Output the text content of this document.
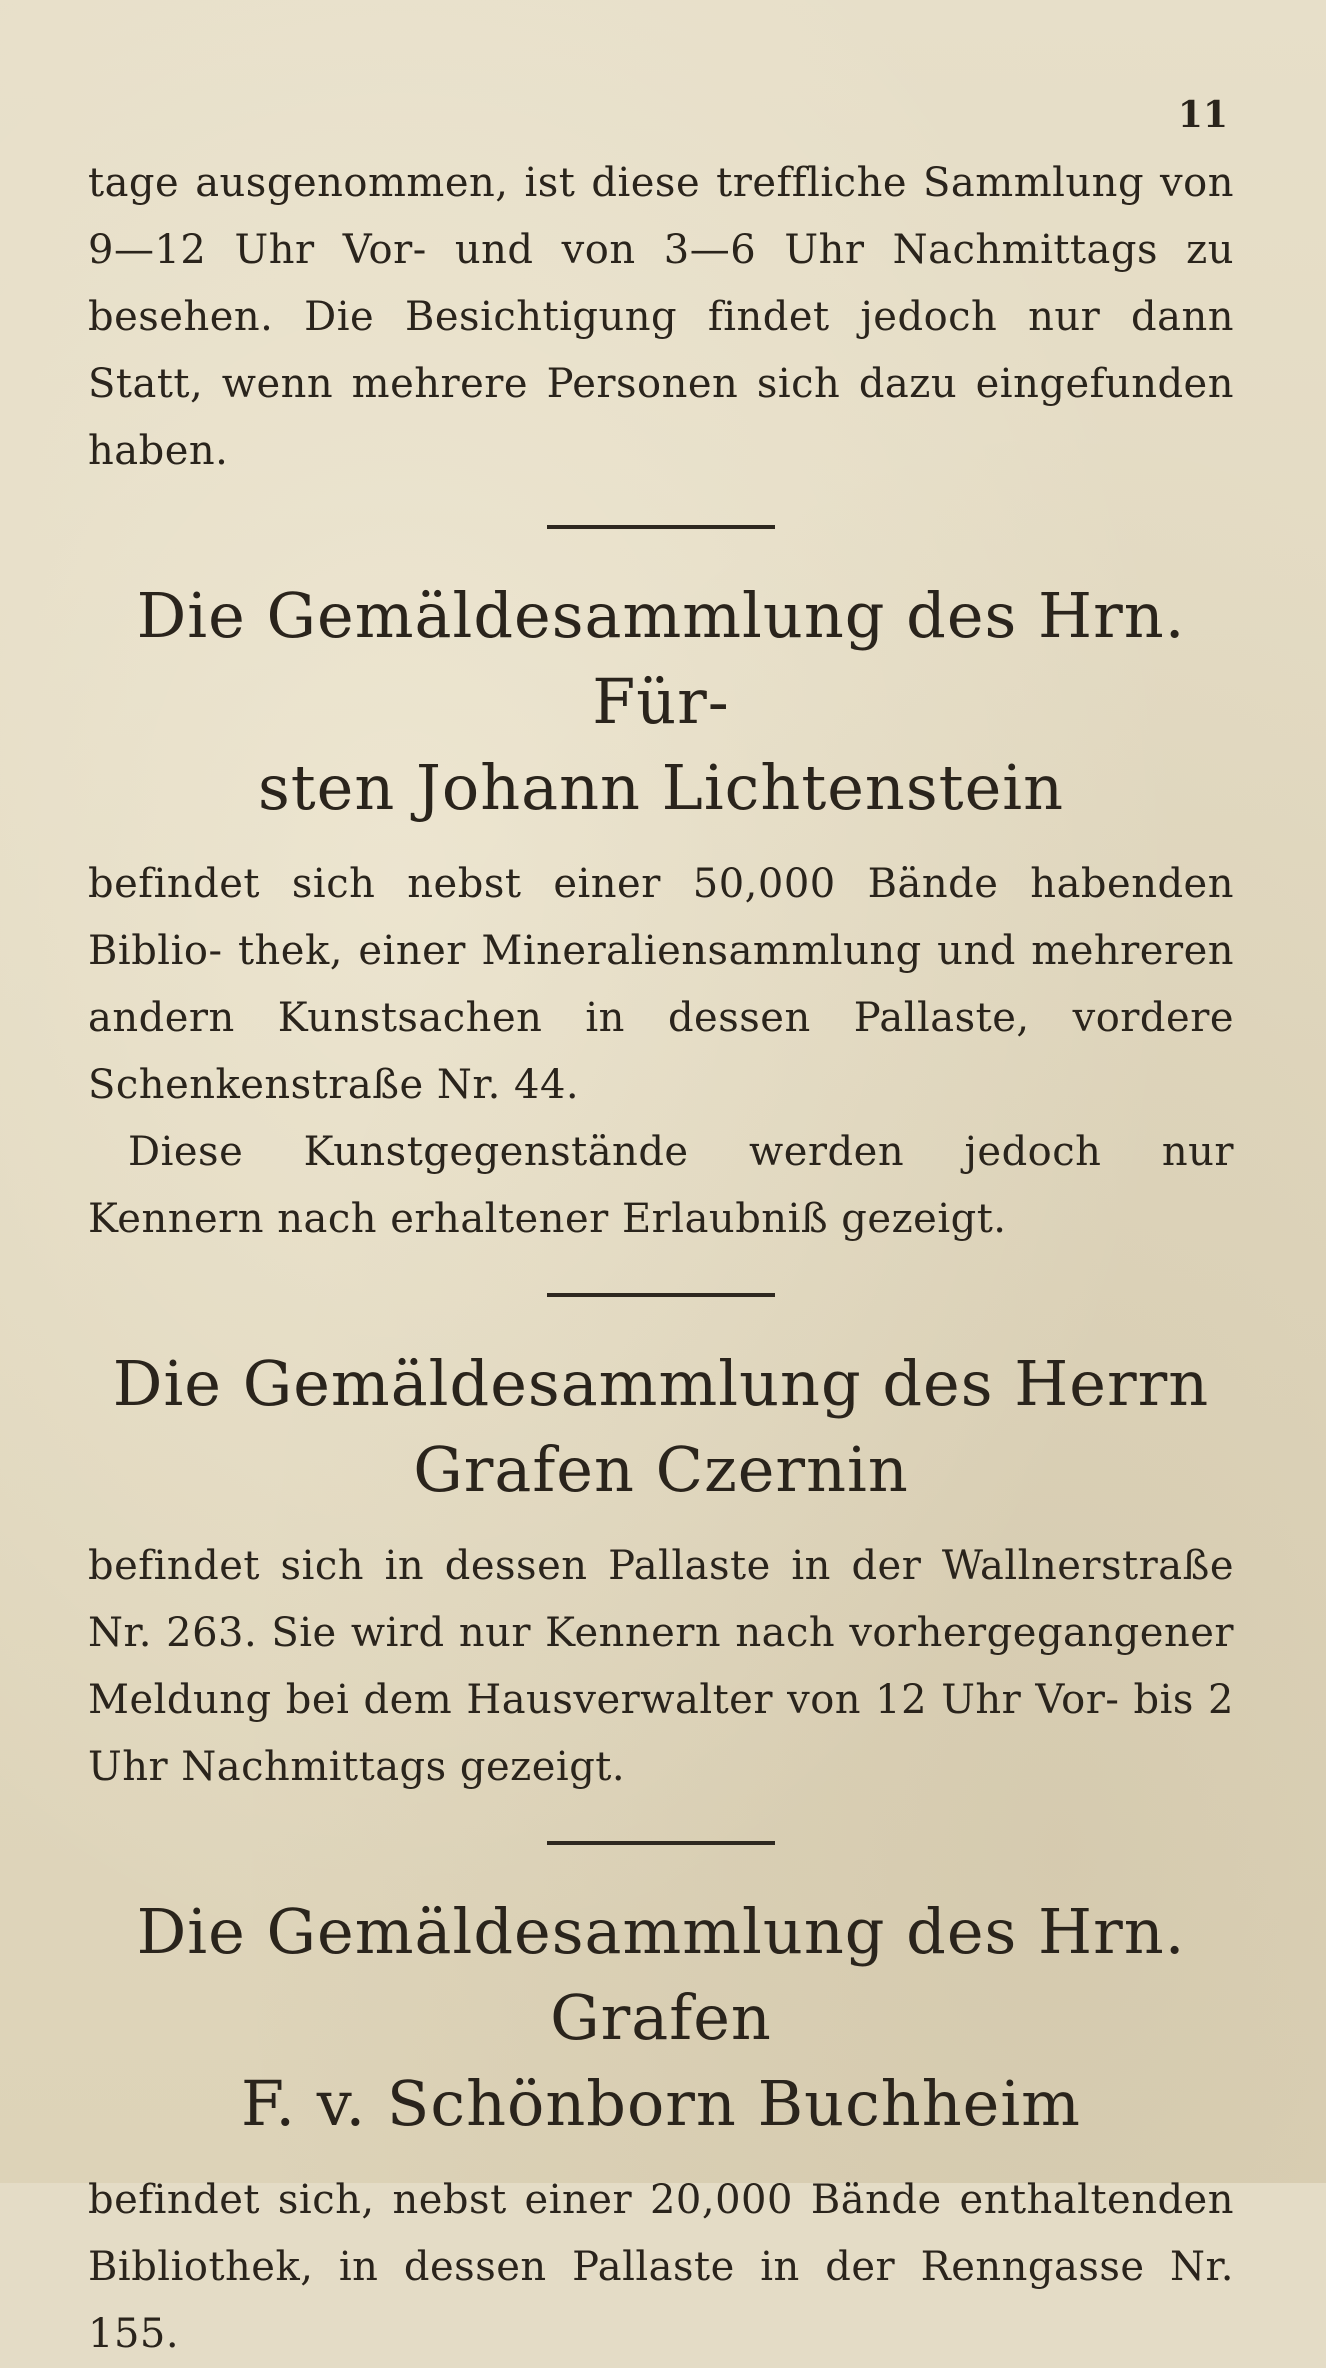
11

tage ausgenommen, ist diese treffliche Sammlung von 9—12 Uhr Vor- und von 3—6 Uhr Nachmittags zu besehen. Die Besichtigung findet jedoch nur dann Statt, wenn mehrere Personen sich dazu eingefunden haben.

Die Gemäldesammlung des Hrn. Für-
sten Johann Lichtenstein

befindet sich nebst einer 50,000 Bände habenden Biblio- thek, einer Mineraliensammlung und mehreren andern Kunstsachen in dessen Pallaste, vordere Schenkenstraße Nr. 44.

Diese Kunstgegenstände werden jedoch nur Kennern nach erhaltener Erlaubniß gezeigt.

Die Gemäldesammlung des Herrn
Grafen Czernin

befindet sich in dessen Pallaste in der Wallnerstraße Nr. 263. Sie wird nur Kennern nach vorhergegangener Meldung bei dem Hausverwalter von 12 Uhr Vor- bis 2 Uhr Nachmittags gezeigt.

Die Gemäldesammlung des Hrn. Grafen
F. v. Schönborn Buchheim

befindet sich, nebst einer 20,000 Bände enthaltenden Bibliothek, in dessen Pallaste in der Renngasse Nr. 155.
